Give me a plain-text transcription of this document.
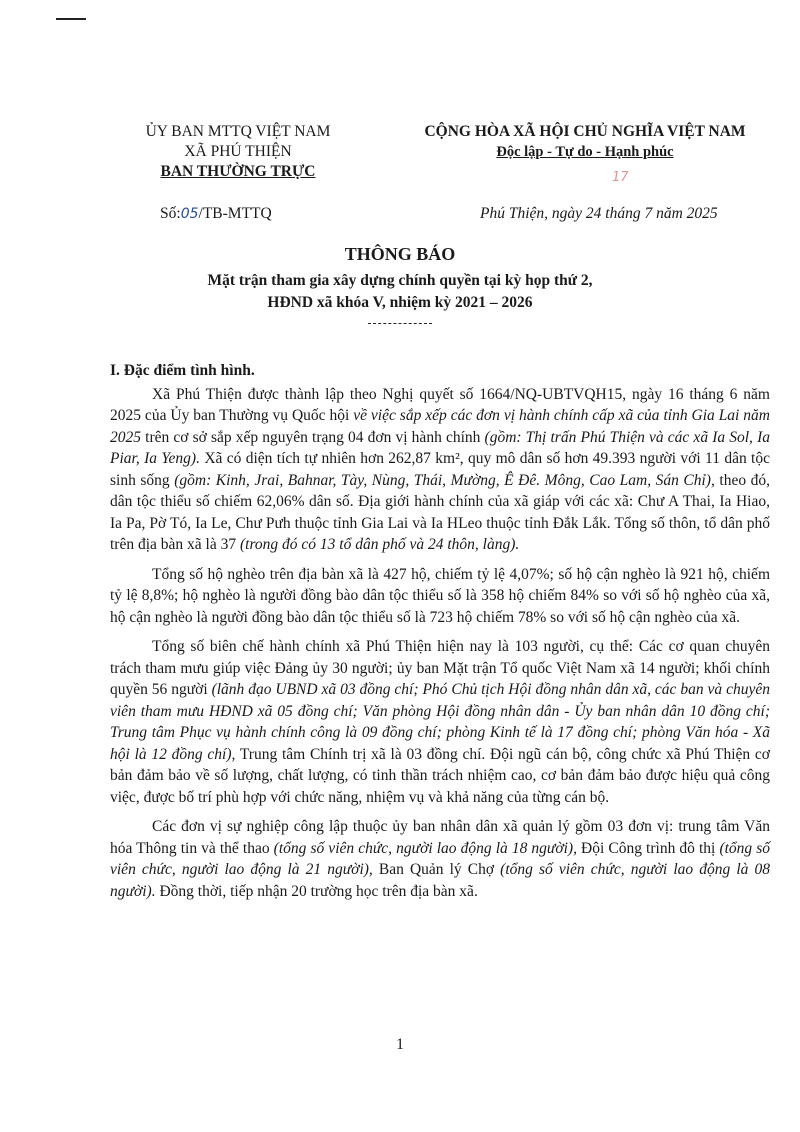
ỦY BAN MTTQ VIỆT NAM
XÃ PHÚ THIỆN
BAN THƯỜNG TRỰC
CỘNG HÒA XÃ HỘI CHỦ NGHĨA VIỆT NAM
Độc lập - Tự do - Hạnh phúc
17
Số:05/TB-MTTQ	Phú Thiện, ngày 24 tháng 7 năm 2025
THÔNG BÁO
Mặt trận tham gia xây dựng chính quyền tại kỳ họp thứ 2,
HĐND xã khóa V, nhiệm kỳ 2021 – 2026
I. Đặc điểm tình hình.

Xã Phú Thiện được thành lập theo Nghị quyết số 1664/NQ-UBTVQH15, ngày 16 tháng 6 năm 2025 của Ủy ban Thường vụ Quốc hội về việc sắp xếp các đơn vị hành chính cấp xã của tỉnh Gia Lai năm 2025 trên cơ sở sắp xếp nguyên trạng 04 đơn vị hành chính (gồm: Thị trấn Phú Thiện và các xã Ia Sol, Ia Piar, Ia Yeng). Xã có diện tích tự nhiên hơn 262,87 km², quy mô dân số hơn 49.393 người với 11 dân tộc sinh sống (gồm: Kinh, Jrai, Bahnar, Tày, Nùng, Thái, Mường, Ê Đê. Mông, Cao Lam, Sán Chỉ), theo đó, dân tộc thiểu số chiếm 62,06% dân số. Địa giới hành chính của xã giáp với các xã: Chư A Thai, Ia Hiao, Ia Pa, Pờ Tó, Ia Le, Chư Pưh thuộc tỉnh Gia Lai và Ia HLeo thuộc tỉnh Đắk Lắk. Tổng số thôn, tổ dân phố trên địa bàn xã là 37 (trong đó có 13 tổ dân phố và 24 thôn, làng).

Tổng số hộ nghèo trên địa bàn xã là 427 hộ, chiếm tỷ lệ 4,07%; số hộ cận nghèo là 921 hộ, chiếm tỷ lệ 8,8%; hộ nghèo là người đồng bào dân tộc thiểu số là 358 hộ chiếm 84% so với số hộ nghèo của xã, hộ cận nghèo là người đồng bào dân tộc thiểu số là 723 hộ chiếm 78% so với số hộ cận nghèo của xã.

Tổng số biên chế hành chính xã Phú Thiện hiện nay là 103 người, cụ thể: Các cơ quan chuyên trách tham mưu giúp việc Đảng ủy 30 người; ủy ban Mặt trận Tổ quốc Việt Nam xã 14 người; khối chính quyền 56 người (lãnh đạo UBND xã 03 đồng chí; Phó Chủ tịch Hội đồng nhân dân xã, các ban và chuyên viên tham mưu HĐND xã 05 đồng chí; Văn phòng Hội đồng nhân dân - Ủy ban nhân dân 10 đồng chí; Trung tâm Phục vụ hành chính công là 09 đồng chí; phòng Kinh tế là 17 đồng chí; phòng Văn hóa - Xã hội là 12 đồng chí), Trung tâm Chính trị xã là 03 đồng chí. Đội ngũ cán bộ, công chức xã Phú Thiện cơ bản đảm bảo về số lượng, chất lượng, có tinh thần trách nhiệm cao, cơ bản đảm bảo được hiệu quả công việc, được bố trí phù hợp với chức năng, nhiệm vụ và khả năng của từng cán bộ.

Các đơn vị sự nghiệp công lập thuộc ủy ban nhân dân xã quản lý gồm 03 đơn vị: trung tâm Văn hóa Thông tin và thể thao (tổng số viên chức, người lao động là 18 người), Đội Công trình đô thị (tổng số viên chức, người lao động là 21 người), Ban Quản lý Chợ (tổng số viên chức, người lao động là 08 người). Đồng thời, tiếp nhận 20 trường học trên địa bàn xã.

1
